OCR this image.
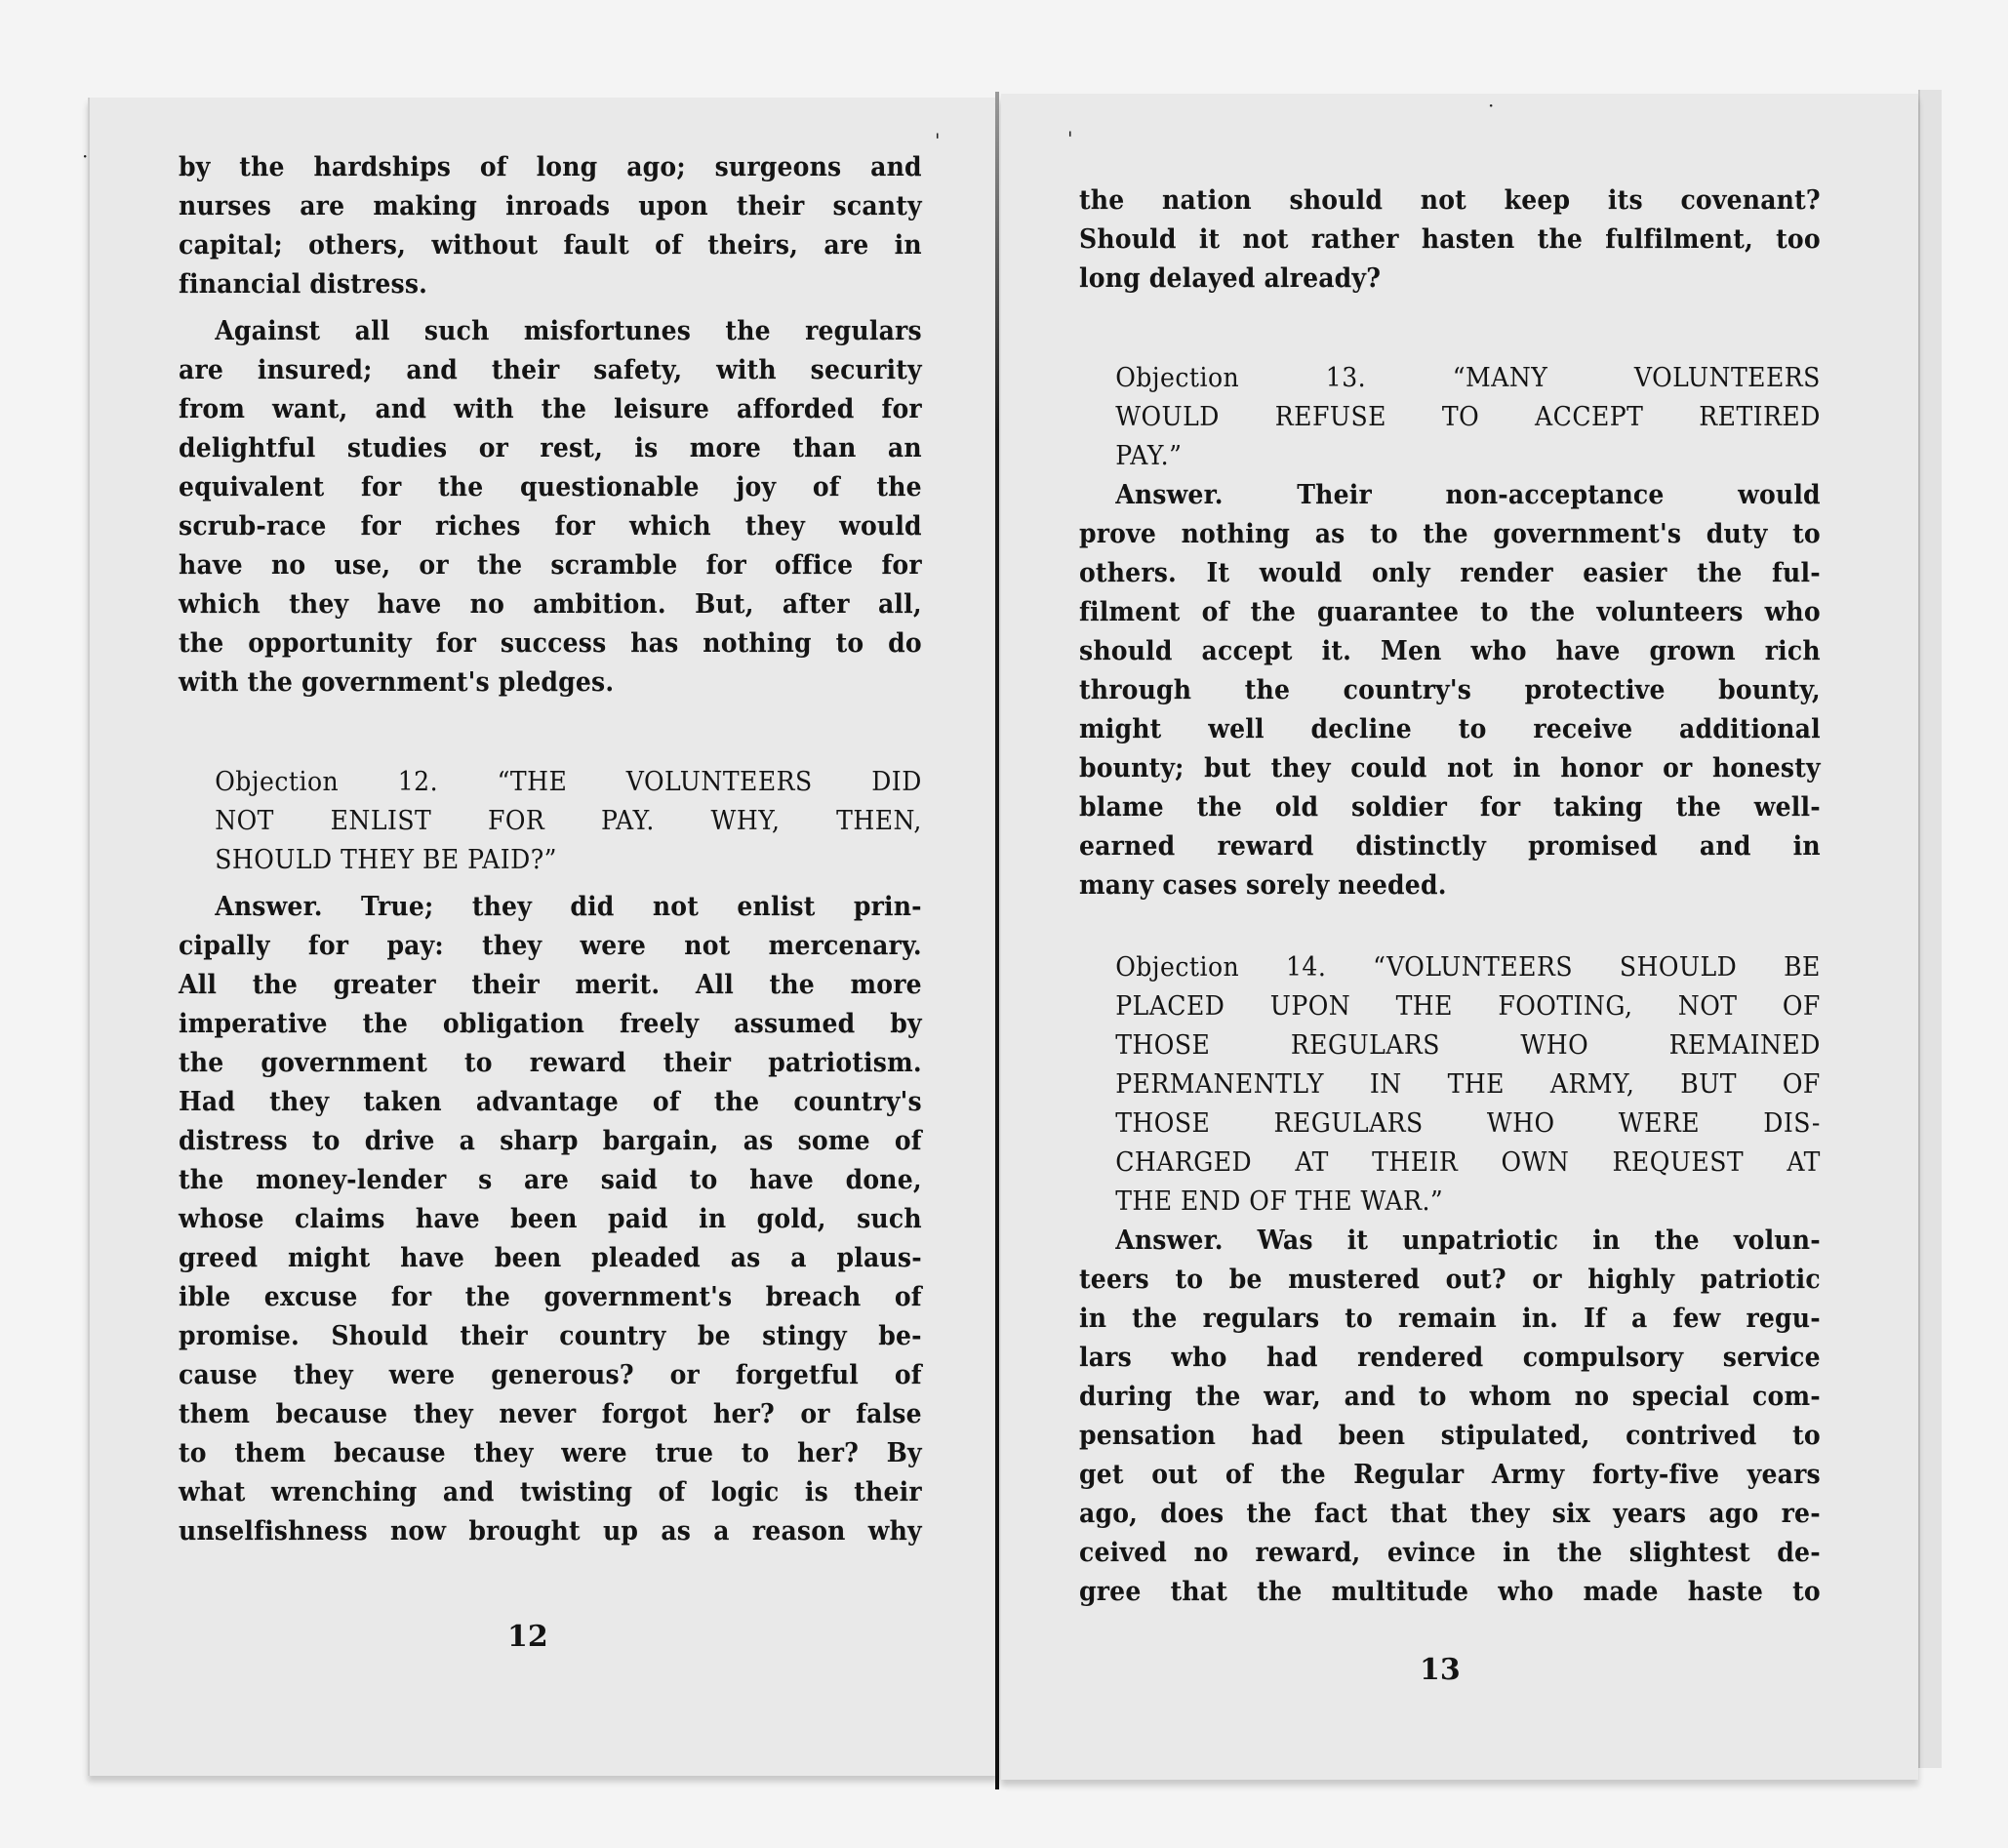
by the hardships of long ago; surgeons and
nurses are making inroads upon their scanty
capital; others, without fault of theirs, are in
financial distress.
Against all such misfortunes the regulars
are insured; and their safety, with security
from want, and with the leisure afforded for
delightful studies or rest, is more than an
equivalent for the questionable joy of the
scrub-race for riches for which they would
have no use, or the scramble for office for
which they have no ambition. But, after all,
the opportunity for success has nothing to do
with the government's pledges.
Objection 12. “THE VOLUNTEERS DID
NOT ENLIST FOR PAY. WHY, THEN,
SHOULD THEY BE PAID?”
Answer. True; they did not enlist prin-
cipally for pay: they were not mercenary.
All the greater their merit. All the more
imperative the obligation freely assumed by
the government to reward their patriotism.
Had they taken advantage of the country's
distress to drive a sharp bargain, as some of
the money-lender s are said to have done,
whose claims have been paid in gold, such
greed might have been pleaded as a plaus-
ible excuse for the government's breach of
promise. Should their country be stingy be-
cause they were generous? or forgetful of
them because they never forgot her? or false
to them because they were true to her? By
what wrenching and twisting of logic is their
unselfishness now brought up as a reason why
12
the nation should not keep its covenant?
Should it not rather hasten the fulfilment, too
long delayed already?
Objection 13. “MANY VOLUNTEERS
WOULD REFUSE TO ACCEPT RETIRED
PAY.”
Answer.	Their non-acceptance would
prove nothing as to the government's duty to
others. It would only render easier the ful-
filment of the guarantee to the volunteers who
should accept it. Men who have grown rich
through the country's protective bounty,
might well decline to receive additional
bounty; but they could not in honor or honesty
blame the old soldier for taking the well-
earned reward distinctly promised and in
many cases sorely needed.
Objection 14. “VOLUNTEERS SHOULD BE
PLACED UPON THE FOOTING, NOT OF
THOSE REGULARS WHO REMAINED
PERMANENTLY IN THE ARMY, BUT OF
THOSE REGULARS WHO WERE DIS-
CHARGED AT THEIR OWN REQUEST AT
THE END OF THE WAR.”
Answer. Was it unpatriotic in the volun-
teers to be mustered out? or highly patriotic
in the regulars to remain in. If a few regu-
lars who had rendered compulsory service
during the war, and to whom no special com-
pensation had been stipulated, contrived to
get out of the Regular Army forty-five years
ago, does the fact that they six years ago re-
ceived no reward, evince in the slightest de-
gree that the multitude who made haste to
13
·
'	'
·
